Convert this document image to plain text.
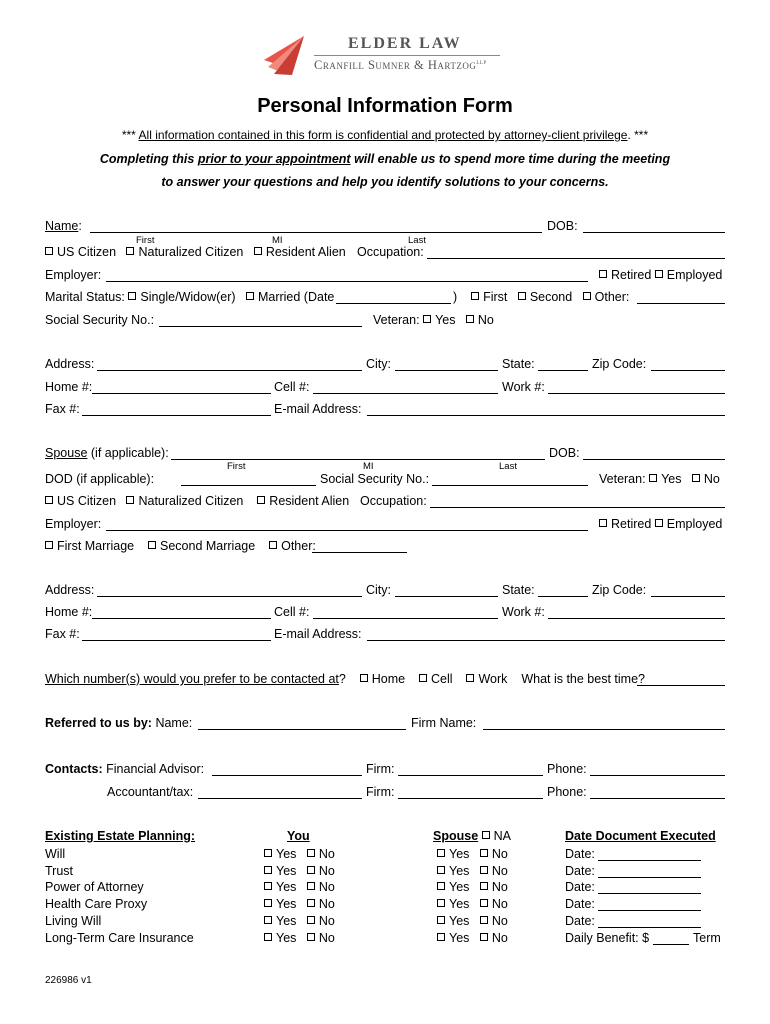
ELDER LAW
Cranfill Sumner & Hartzog$^{LLP}$
Personal Information Form
*** All information contained in this form is confidential and protected by attorney-client privilege. ***
Completing this prior to your appointment will enable us to spend more time during the meeting
to answer your questions and help you identify solutions to your concerns.
Name:	DOB:
First	MI	Last
US Citizen Naturalized Citizen Resident Alien Occupation:
Employer:	Retired Employed
Marital Status: Single/Widow(er) Married (Date	) First Second Other:
Social Security No.:	Veteran: Yes No
Address:	City:	State:	Zip Code:
Home #:	Cell #:	Work #:
Fax #:	E-mail Address:
Spouse (if applicable):	DOB:
First	MI	Last
DOD (if applicable):	Social Security No.:	Veteran: Yes No
US Citizen Naturalized Citizen Resident Alien Occupation:
Employer:	Retired Employed
First Marriage Second Marriage Other:
Address:	City:	State:	Zip Code:
Home #:	Cell #:	Work #:
Fax #:	E-mail Address:
Which number(s) would you prefer to be contacted at? Home Cell Work What is the best time?
Referred to us by: Name:	Firm Name:
Contacts: Financial Advisor:	Firm:	Phone:
Accountant/tax:	Firm:	Phone:
Existing Estate Planning:	You	Spouse NA	Date Document Executed
Will	Yes No	Yes No	Date:
Trust	Yes No	Yes No	Date:
Power of Attorney	Yes No	Yes No	Date:
Health Care Proxy	Yes No	Yes No	Date:
Living Will	Yes No	Yes No	Date:
Long-Term Care Insurance	Yes No	Yes No	Daily Benefit: $	Term
226986 v1
